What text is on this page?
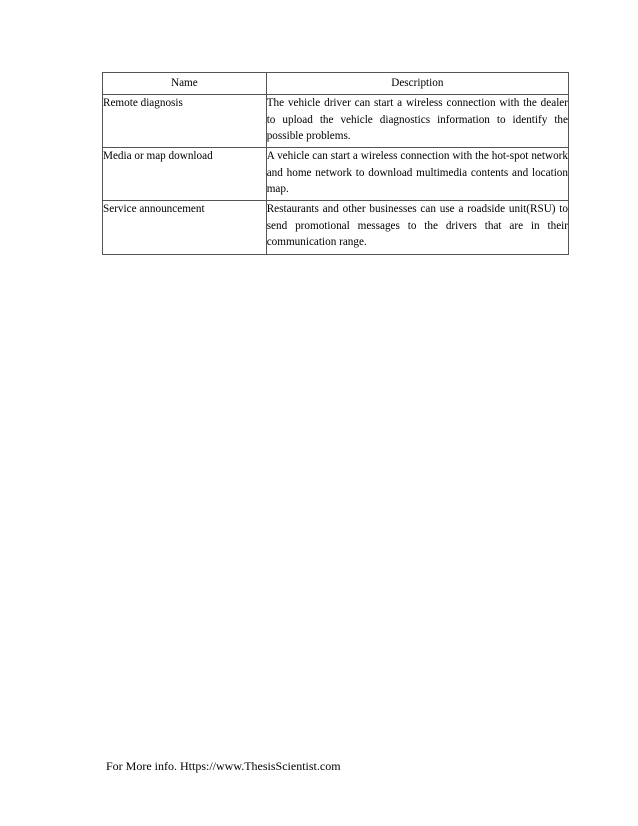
Name	Description
Remote diagnosis	The vehicle driver can start a wireless connection with the dealer to upload the vehicle diagnostics information to identify the possible problems.
Media or map download	A vehicle can start a wireless connection with the hot-spot network and home network to download multimedia contents and location map.
Service announcement	Restaurants and other businesses can use a roadside unit(RSU) to send promotional messages to the drivers that are in their communication range.
For More info. Https://www.ThesisScientist.com
